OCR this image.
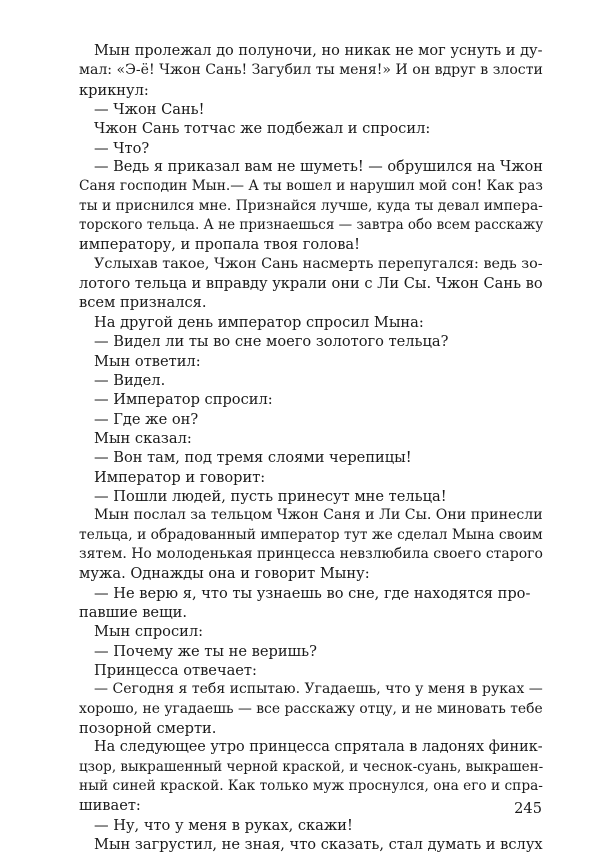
Мын пролежал до полуночи, но никак не мог уснуть и ду-
мал: «Э-ё! Чжон Сань! Загубил ты меня!» И он вдруг в злости
крикнул:
— Чжон Сань!
Чжон Сань тотчас же подбежал и спросил:
— Что?
— Ведь я приказал вам не шуметь! — обрушился на Чжон
Саня господин Мын.— А ты вошел и нарушил мой сон! Как раз
ты и приснился мне. Признайся лучше, куда ты девал импера-
торского тельца. А не признаешься — завтра обо всем расскажу
императору, и пропала твоя голова!
Услыхав такое, Чжон Сань насмерть перепугался: ведь зо-
лотого тельца и вправду украли они с Ли Сы. Чжон Сань во
всем признался.
На другой день император спросил Мына:
— Видел ли ты во сне моего золотого тельца?
Мын ответил:
— Видел.
— Император спросил:
— Где же он?
Мын сказал:
— Вон там, под тремя слоями черепицы!
Император и говорит:
— Пошли людей, пусть принесут мне тельца!
Мын послал за тельцом Чжон Саня и Ли Сы. Они принесли
тельца, и обрадованный император тут же сделал Мына своим
зятем. Но молоденькая принцесса невзлюбила своего старого
мужа. Однажды она и говорит Мыну:
— Не верю я, что ты узнаешь во сне, где находятся про-
павшие вещи.
Мын спросил:
— Почему же ты не веришь?
Принцесса отвечает:
— Сегодня я тебя испытаю. Угадаешь, что у меня в руках —
хорошо, не угадаешь — все расскажу отцу, и не миновать тебе
позорной смерти.
На следующее утро принцесса спрятала в ладонях финик-
цзор, выкрашенный черной краской, и чеснок-суань, выкрашен-
ный синей краской. Как только муж проснулся, она его и спра-
шивает:
— Ну, что у меня в руках, скажи!
Мын загрустил, не зная, что сказать, стал думать и вслух
245
